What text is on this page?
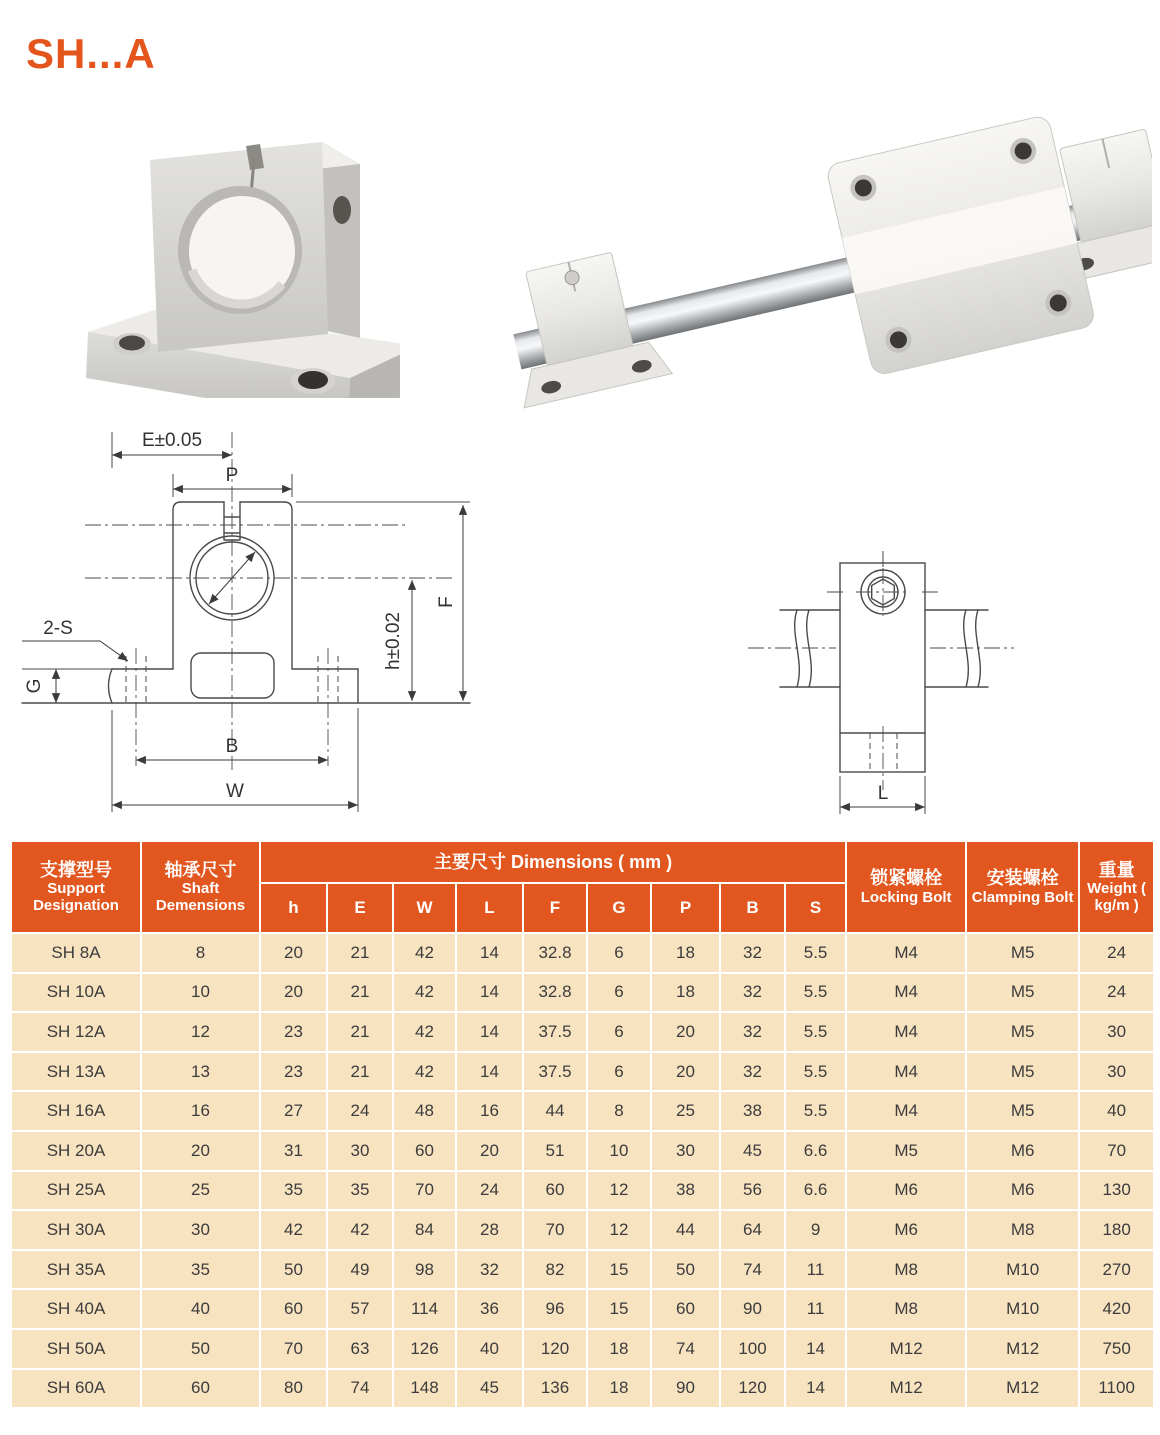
SH...A
E±0.05
P
2-S
G
B
W
F
h±0.02
L
支撑型号
Support Designation

轴承尺寸
Shaft Demensions

主要尺寸 Dimensions ( mm )

锁紧螺栓
Locking Bolt

安装螺栓
Clamping Bolt

重量
Weight ( kg/m )

		h	E	W	L	F	G	P	B	S			
SH 8A	8	20	21	42	14	32.8	6	18	32	5.5	M4	M5	24
SH 10A	10	20	21	42	14	32.8	6	18	32	5.5	M4	M5	24
SH 12A	12	23	21	42	14	37.5	6	20	32	5.5	M4	M5	30
SH 13A	13	23	21	42	14	37.5	6	20	32	5.5	M4	M5	30
SH 16A	16	27	24	48	16	44	8	25	38	5.5	M4	M5	40
SH 20A	20	31	30	60	20	51	10	30	45	6.6	M5	M6	70
SH 25A	25	35	35	70	24	60	12	38	56	6.6	M6	M6	130
SH 30A	30	42	42	84	28	70	12	44	64	9	M6	M8	180
SH 35A	35	50	49	98	32	82	15	50	74	11	M8	M10	270
SH 40A	40	60	57	114	36	96	15	60	90	11	M8	M10	420
SH 50A	50	70	63	126	40	120	18	74	100	14	M12	M12	750
SH 60A	60	80	74	148	45	136	18	90	120	14	M12	M12	1100
